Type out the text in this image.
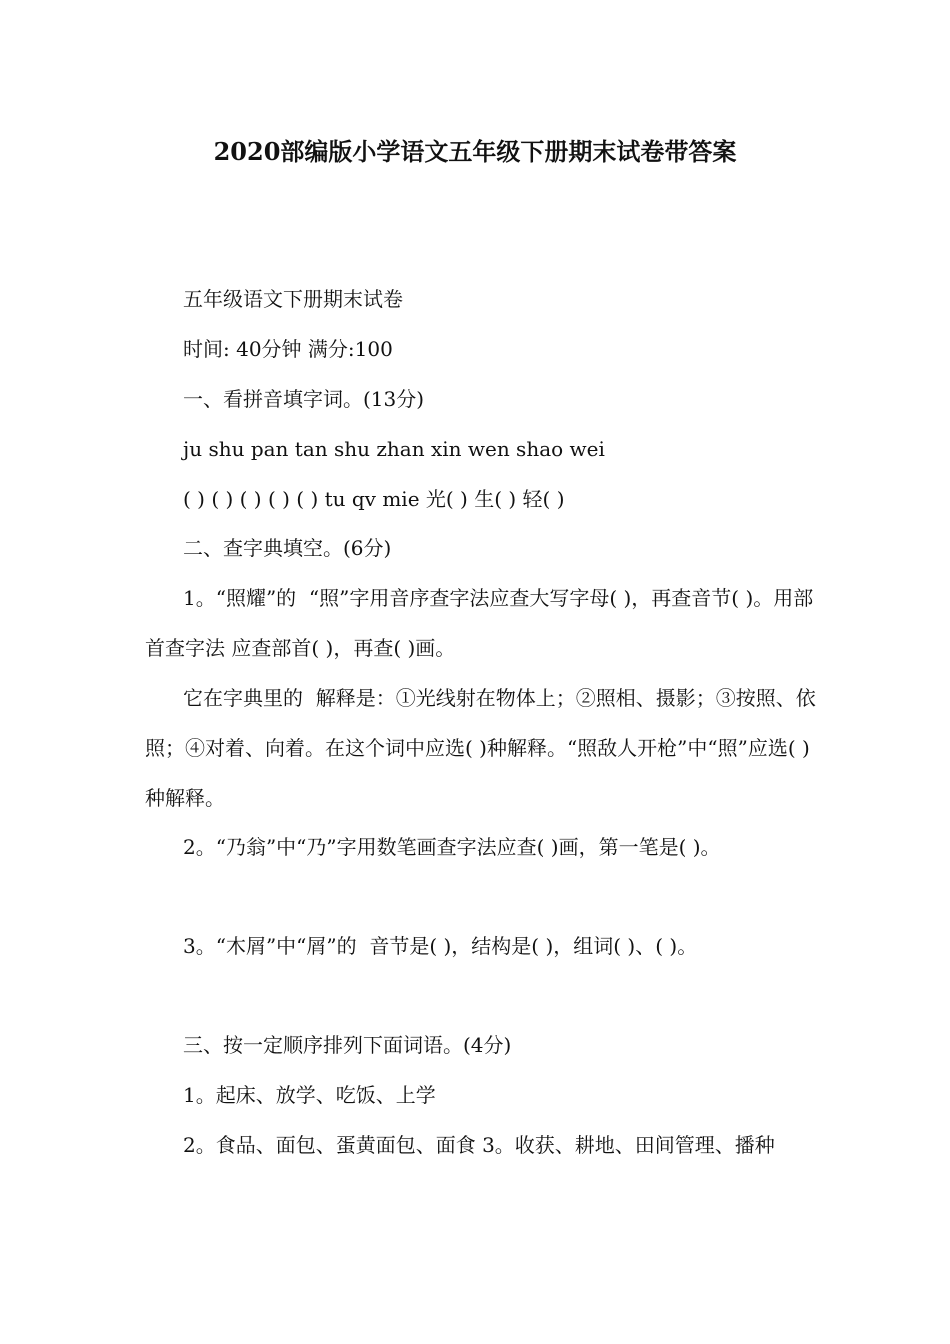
2020部编版小学语文五年级下册期末试卷带答案
五年级语文下册期末试卷
时间: 40分钟 满分:100
一、看拼音填字词。(13分)
ju shu pan tan shu zhan xin wen shao wei
( ) ( ) ( ) ( ) ( ) tu qv mie 光( ) 生( ) 轻( )
二、查字典填空。(6分)
1。“照耀”的  “照”字用音序查字法应查大写字母( )，再查音节( )。用部首查字法 应查部首( )，再查( )画。
它在字典里的  解释是：①光线射在物体上；②照相、摄影；③按照、依照；④对着、向着。在这个词中应选( )种解释。“照敌人开枪”中“照”应选( )种解释。
2。“乃翁”中“乃”字用数笔画查字法应查( )画，第一笔是( )。
3。“木屑”中“屑”的  音节是( )，结构是( )，组词( )、( )。
三、按一定顺序排列下面词语。(4分)
1。起床、放学、吃饭、上学
2。食品、面包、蛋黄面包、面食 3。收获、耕地、田间管理、播种
